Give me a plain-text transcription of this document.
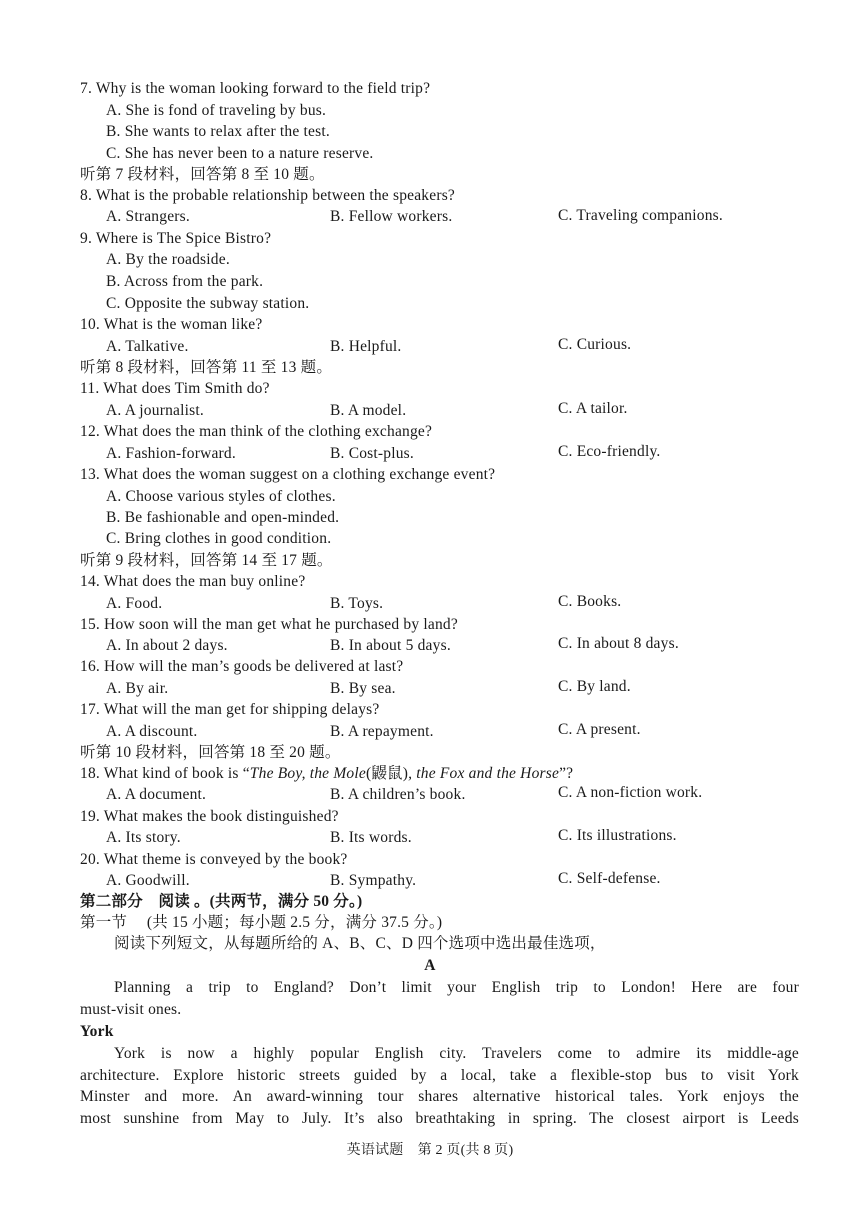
7. Why is the woman looking forward to the field trip?
A. She is fond of traveling by bus.
B. She wants to relax after the test.
C. She has never been to a nature reserve.
听第 7 段材料，回答第 8 至 10 题。
8. What is the probable relationship between the speakers?
A. Strangers.	B. Fellow workers.	C. Traveling companions.
9. Where is The Spice Bistro?
A. By the roadside.
B. Across from the park.
C. Opposite the subway station.
10. What is the woman like?
A. Talkative.	B. Helpful.	C. Curious.
听第 8 段材料，回答第 11 至 13 题。
11. What does Tim Smith do?
A. A journalist.	B. A model.	C. A tailor.
12. What does the man think of the clothing exchange?
A. Fashion-forward.	B. Cost-plus.	C. Eco-friendly.
13. What does the woman suggest on a clothing exchange event?
A. Choose various styles of clothes.
B. Be fashionable and open-minded.
C. Bring clothes in good condition.
听第 9 段材料，回答第 14 至 17 题。
14. What does the man buy online?
A. Food.	B. Toys.	C. Books.
15. How soon will the man get what he purchased by land?
A. In about 2 days.	B. In about 5 days.	C. In about 8 days.
16. How will the man’s goods be delivered at last?
A. By air.	B. By sea.	C. By land.
17. What will the man get for shipping delays?
A. A discount.	B. A repayment.	C. A present.
听第 10 段材料，回答第 18 至 20 题。
18. What kind of book is “The Boy, the Mole(鼹鼠), the Fox and the Horse”?
A. A document.	B. A children’s book.	C. A non-fiction work.
19. What makes the book distinguished?
A. Its story.	B. Its words.	C. Its illustrations.
20. What theme is conveyed by the book?
A. Goodwill.	B. Sympathy.	C. Self-defense.
第二部分　阅读 。(共两节，满分 50 分。)
第一节　 (共 15 小题；每小题 2.5 分，满分 37.5 分。)
阅读下列短文，从每题所给的 A、B、C、D 四个选项中选出最佳选项，
A
Planning a trip to England? Don’t limit your English trip to London! Here are four
must-visit ones.
York
York is now a highly popular English city. Travelers come to admire its middle-age
architecture. Explore historic streets guided by a local, take a flexible-stop bus to visit York
Minster and more. An award-winning tour shares alternative historical tales. York enjoys the
most sunshine from May to July. It’s also breathtaking in spring. The closest airport is Leeds
英语试题　第 2 页(共 8 页)
